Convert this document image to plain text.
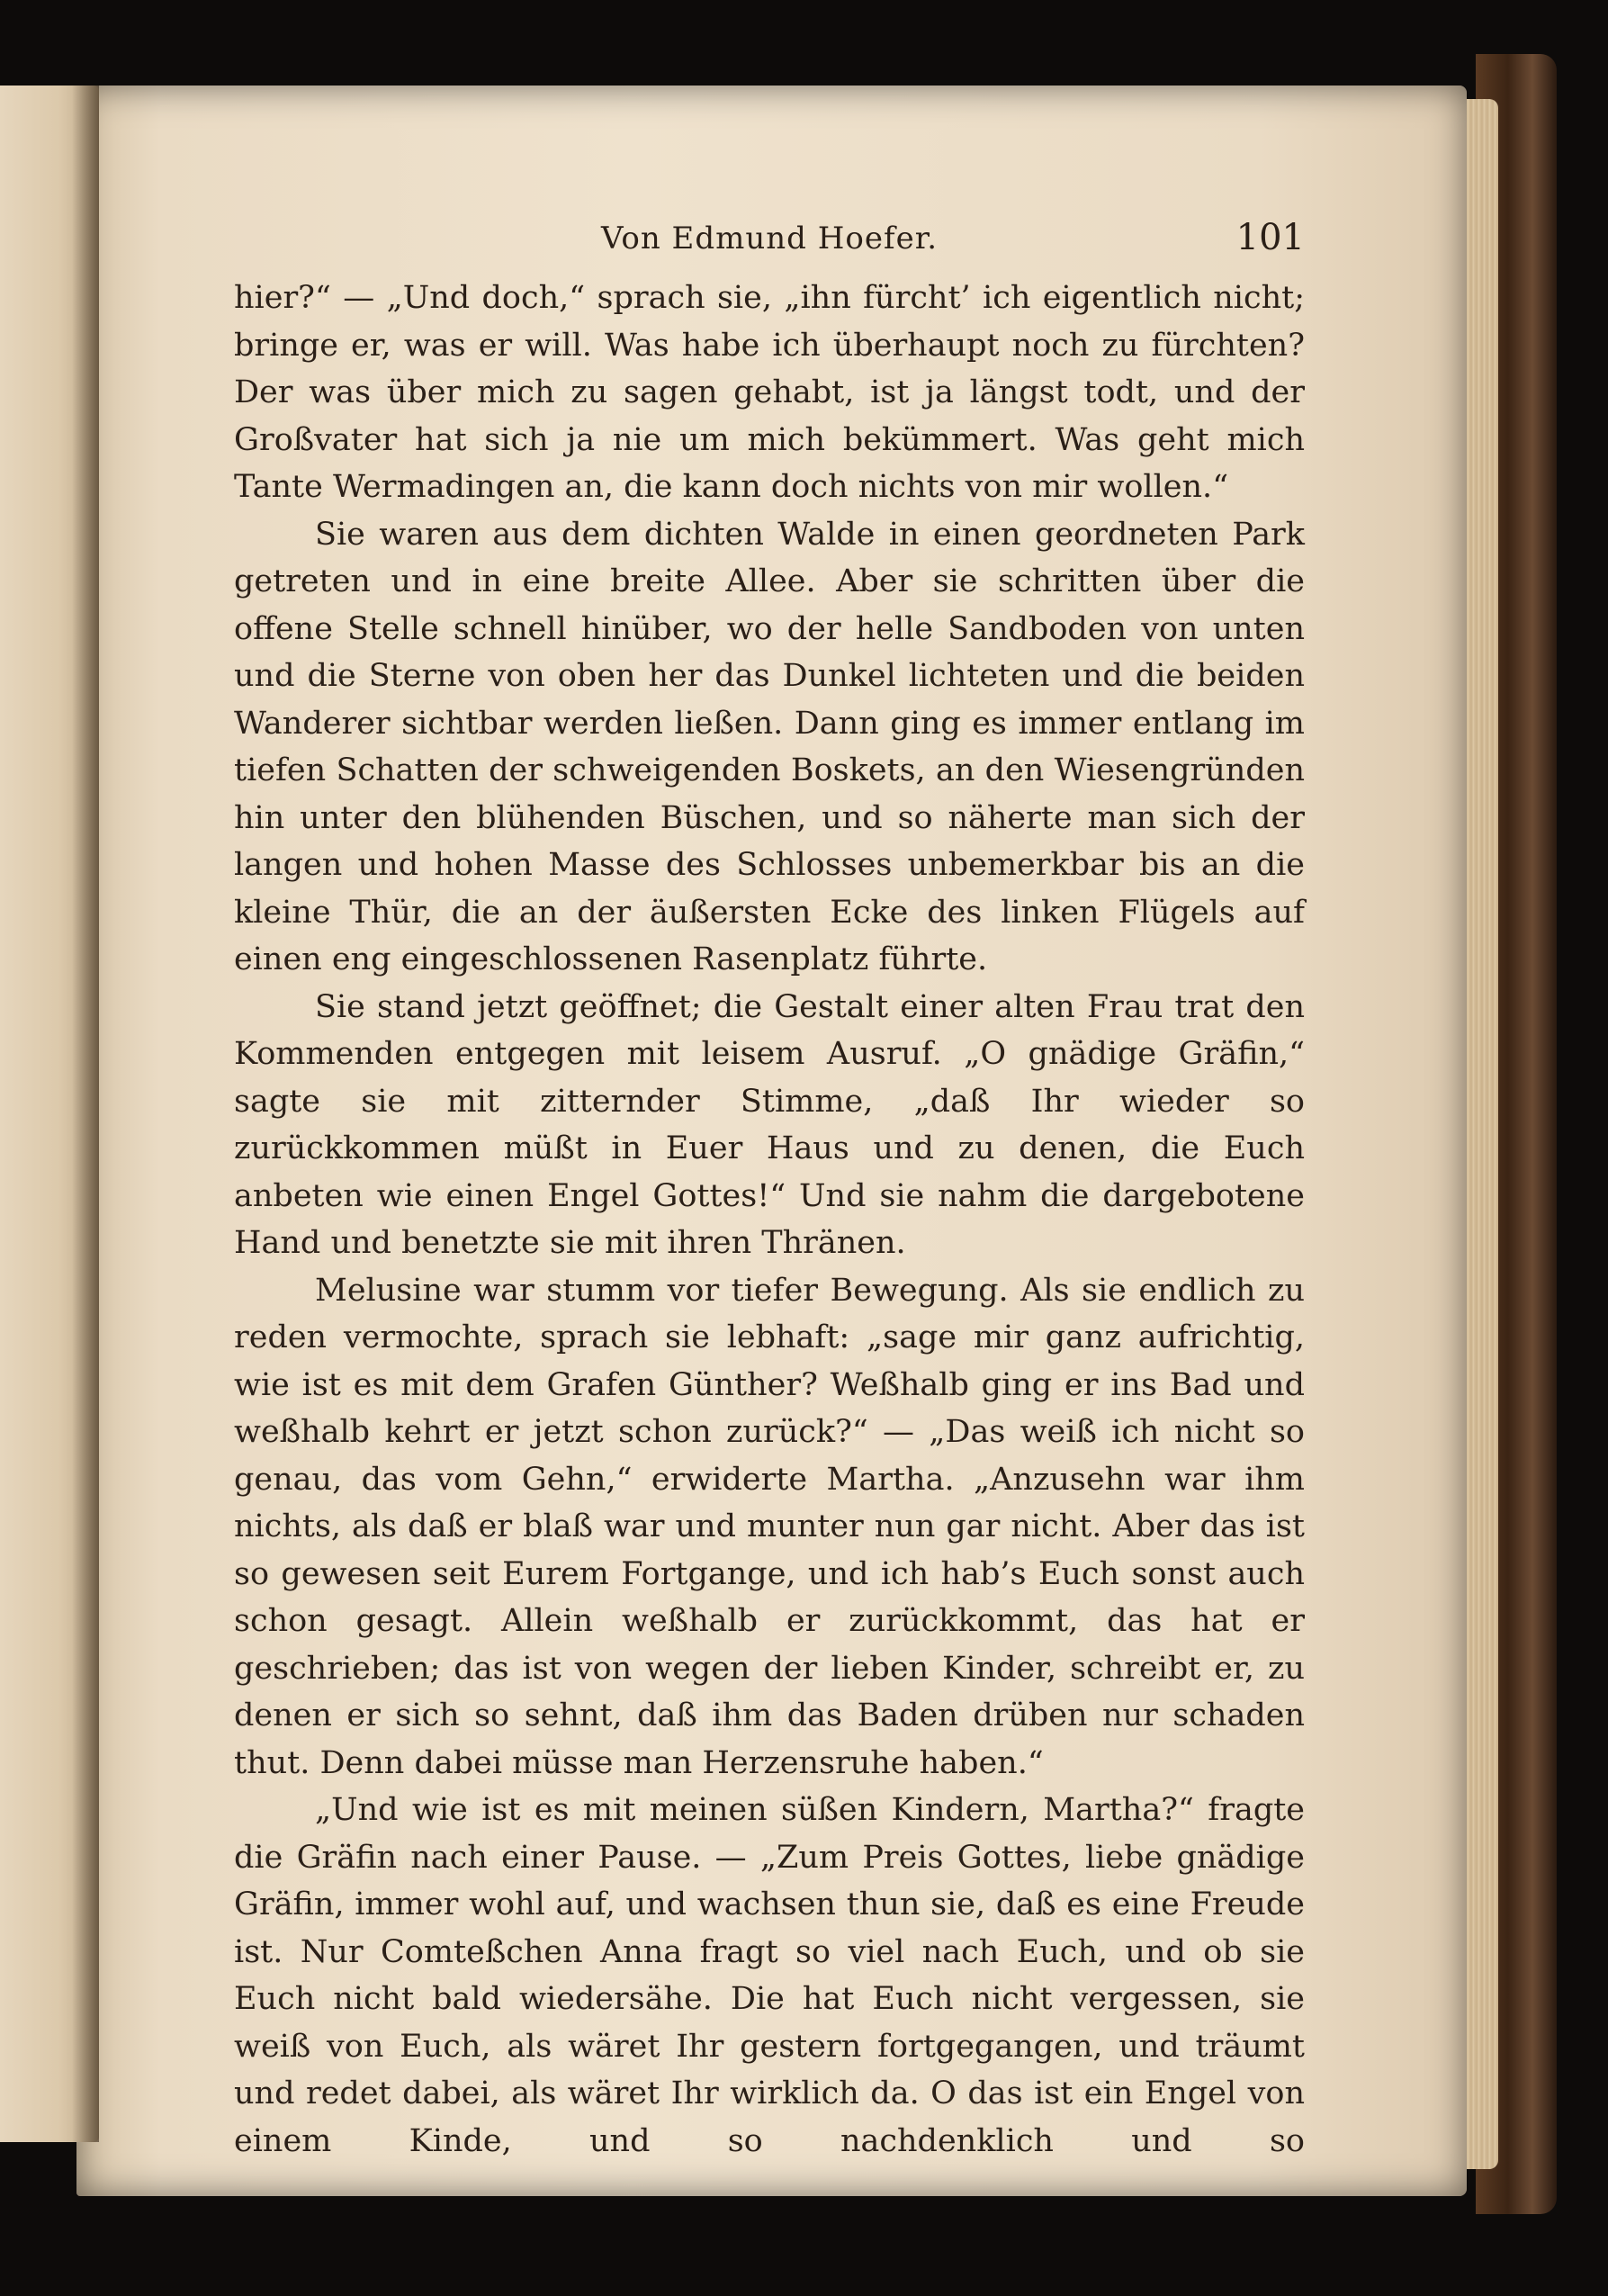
Von Edmund Hoefer.	101

hier?“ — „Und doch,“ sprach sie, „ihn fürcht’ ich eigentlich nicht; bringe er, was er will. Was habe ich überhaupt noch zu fürchten? Der was über mich zu sagen gehabt, ist ja längst todt, und der Großvater hat sich ja nie um mich bekümmert. Was geht mich Tante Wermadingen an, die kann doch nichts von mir wollen.“

Sie waren aus dem dichten Walde in einen geordneten Park getreten und in eine breite Allee. Aber sie schritten über die offene Stelle schnell hinüber, wo der helle Sandboden von unten und die Sterne von oben her das Dunkel lichteten und die beiden Wanderer sichtbar werden ließen. Dann ging es immer entlang im tiefen Schatten der schweigenden Boskets, an den Wiesengründen hin unter den blühenden Büschen, und so näherte man sich der langen und hohen Masse des Schlosses unbemerkbar bis an die kleine Thür, die an der äußersten Ecke des linken Flügels auf einen eng eingeschlossenen Rasenplatz führte.

Sie stand jetzt geöffnet; die Gestalt einer alten Frau trat den Kommenden entgegen mit leisem Ausruf. „O gnädige Gräfin,“ sagte sie mit zitternder Stimme, „daß Ihr wieder so zurückkommen müßt in Euer Haus und zu denen, die Euch anbeten wie einen Engel Gottes!“ Und sie nahm die dargebotene Hand und benetzte sie mit ihren Thränen.

Melusine war stumm vor tiefer Bewegung. Als sie endlich zu reden vermochte, sprach sie lebhaft: „sage mir ganz aufrichtig, wie ist es mit dem Grafen Günther? Weßhalb ging er ins Bad und weßhalb kehrt er jetzt schon zurück?“ — „Das weiß ich nicht so genau, das vom Gehn,“ erwiderte Martha. „Anzusehn war ihm nichts, als daß er blaß war und munter nun gar nicht. Aber das ist so gewesen seit Eurem Fortgange, und ich hab’s Euch sonst auch schon gesagt. Allein weßhalb er zurückkommt, das hat er geschrieben; das ist von wegen der lieben Kinder, schreibt er, zu denen er sich so sehnt, daß ihm das Baden drüben nur schaden thut. Denn dabei müsse man Herzensruhe haben.“

„Und wie ist es mit meinen süßen Kindern, Martha?“ fragte die Gräfin nach einer Pause. — „Zum Preis Gottes, liebe gnädige Gräfin, immer wohl auf, und wachsen thun sie, daß es eine Freude ist. Nur Comteßchen Anna fragt so viel nach Euch, und ob sie Euch nicht bald wiedersähe. Die hat Euch nicht vergessen, sie weiß von Euch, als wäret Ihr gestern fortgegangen, und träumt und redet dabei, als wäret Ihr wirklich da. O das ist ein Engel von einem Kinde, und so nachdenklich und so
